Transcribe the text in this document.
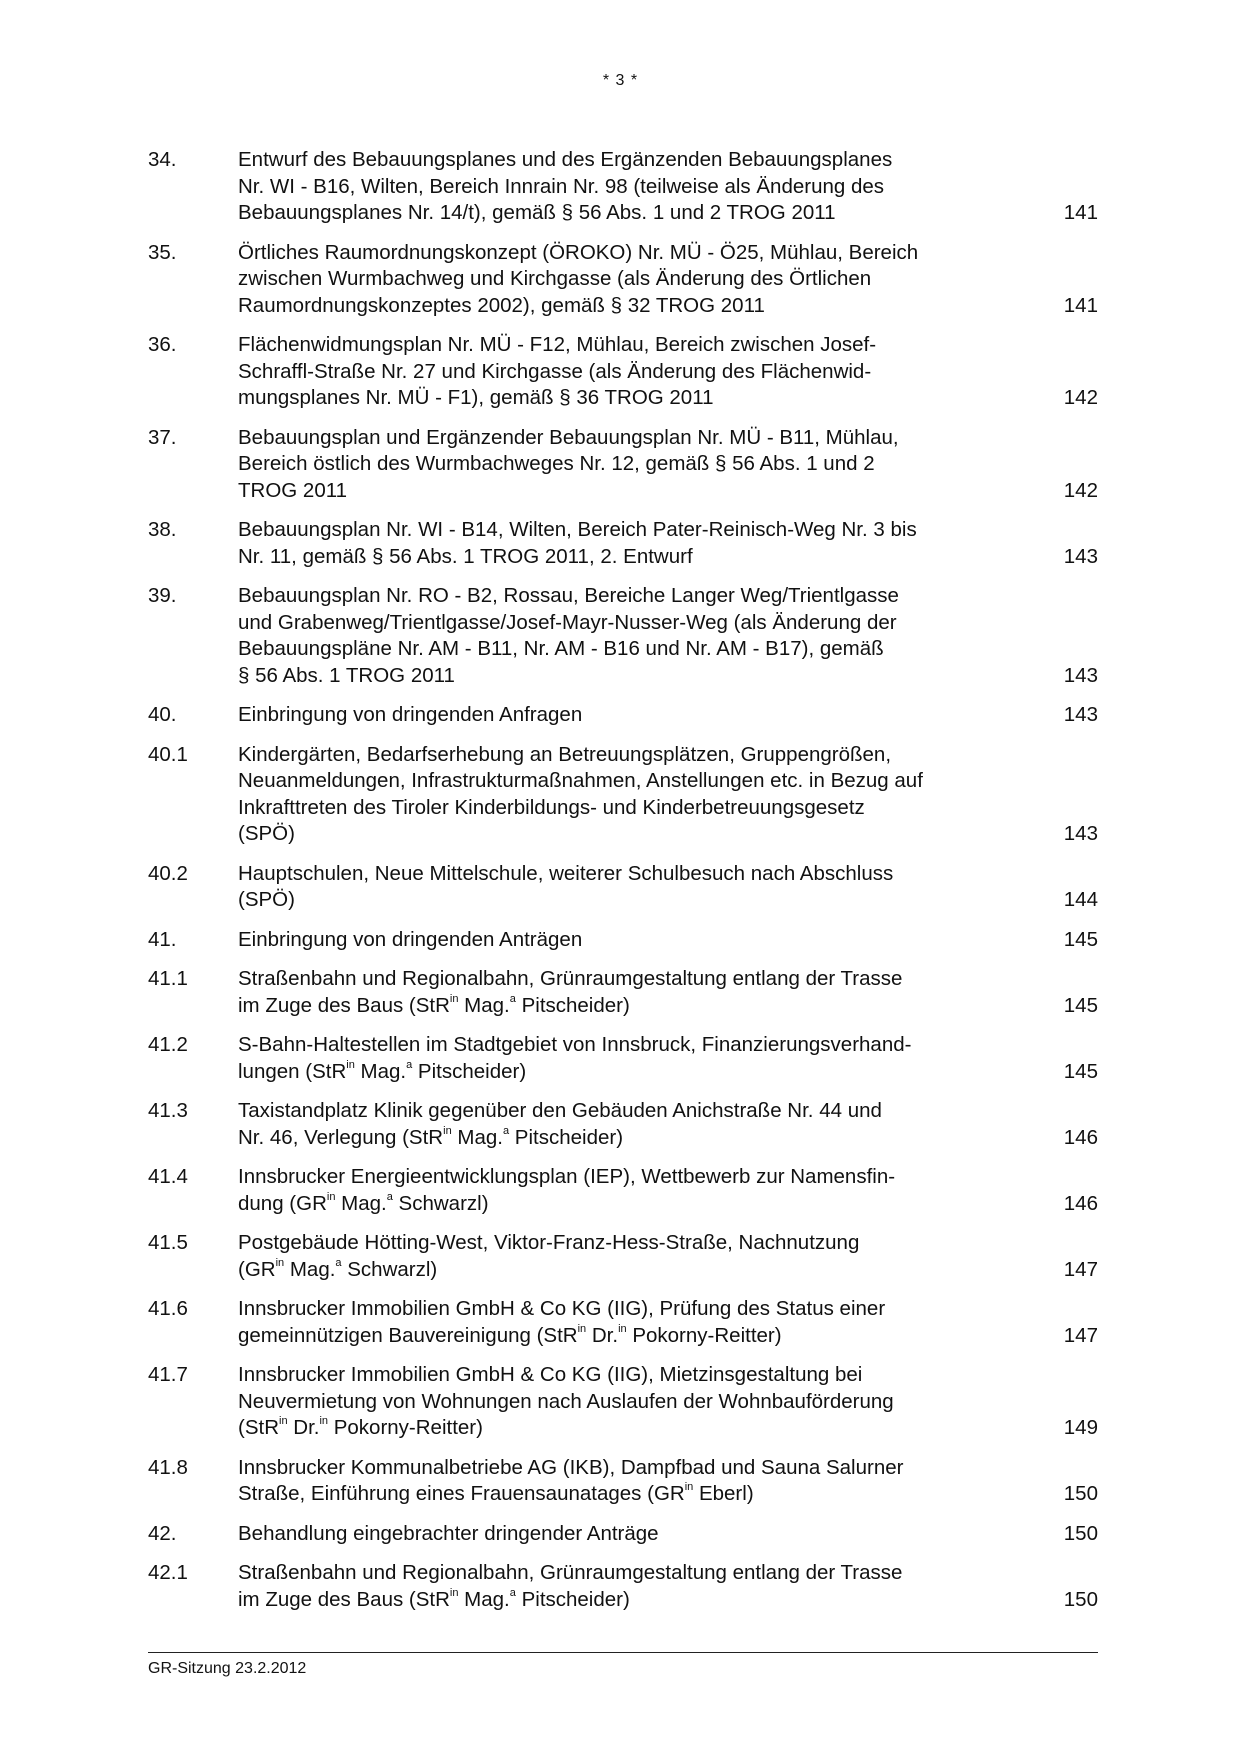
* 3 *
34.	Entwurf des Bebauungsplanes und des Ergänzenden Bebauungsplanes
Nr. WI - B16, Wilten, Bereich Innrain Nr. 98 (teilweise als Änderung des
Bebauungsplanes Nr. 14/t), gemäß § 56 Abs. 1 und 2 TROG 2011	141
35.	Örtliches Raumordnungskonzept (ÖROKO) Nr. MÜ - Ö25, Mühlau, Bereich
zwischen Wurmbachweg und Kirchgasse (als Änderung des Örtlichen
Raumordnungskonzeptes 2002), gemäß § 32 TROG 2011	141
36.	Flächenwidmungsplan Nr. MÜ - F12, Mühlau, Bereich zwischen Josef-
Schraffl-Straße Nr. 27 und Kirchgasse (als Änderung des Flächenwid-
mungsplanes Nr. MÜ - F1), gemäß § 36 TROG 2011	142
37.	Bebauungsplan und Ergänzender Bebauungsplan Nr. MÜ - B11, Mühlau,
Bereich östlich des Wurmbachweges Nr. 12, gemäß § 56 Abs. 1 und 2
TROG 2011	142
38.	Bebauungsplan Nr. WI - B14, Wilten, Bereich Pater-Reinisch-Weg Nr. 3 bis
Nr. 11, gemäß § 56 Abs. 1 TROG 2011, 2. Entwurf	143
39.	Bebauungsplan Nr. RO - B2, Rossau, Bereiche Langer Weg/Trientlgasse
und Grabenweg/Trientlgasse/Josef-Mayr-Nusser-Weg (als Änderung der
Bebauungspläne Nr. AM - B11, Nr. AM - B16 und Nr. AM - B17), gemäß
§ 56 Abs. 1 TROG 2011	143
40.	Einbringung von dringenden Anfragen	143
40.1	Kindergärten, Bedarfserhebung an Betreuungsplätzen, Gruppengrößen,
Neuanmeldungen, Infrastrukturmaßnahmen, Anstellungen etc. in Bezug auf
Inkrafttreten des Tiroler Kinderbildungs- und Kinderbetreuungsgesetz
(SPÖ)	143
40.2	Hauptschulen, Neue Mittelschule, weiterer Schulbesuch nach Abschluss
(SPÖ)	144
41.	Einbringung von dringenden Anträgen	145
41.1	Straßenbahn und Regionalbahn, Grünraumgestaltung entlang der Trasse
im Zuge des Baus (StR$^{in}$ Mag.$^a$ Pitscheider)	145
41.2	S-Bahn-Haltestellen im Stadtgebiet von Innsbruck, Finanzierungsverhand-
lungen (StR$^{in}$ Mag.$^a$ Pitscheider)	145
41.3	Taxistandplatz Klinik gegenüber den Gebäuden Anichstraße Nr. 44 und
Nr. 46, Verlegung (StR$^{in}$ Mag.$^a$ Pitscheider)	146
41.4	Innsbrucker Energieentwicklungsplan (IEP), Wettbewerb zur Namensfin-
dung ($GR^{in}$ Mag.$^a$ Schwarzl)	146
41.5	Postgebäude Hötting-West, Viktor-Franz-Hess-Straße, Nachnutzung
($GR^{in}$ Mag.$^a$ Schwarzl)	147
41.6	Innsbrucker Immobilien GmbH & Co KG (IIG), Prüfung des Status einer
gemeinnützigen Bauvereinigung (StR$^{in}$ Dr.$^{in}$ Pokorny-Reitter)	147
41.7	Innsbrucker Immobilien GmbH & Co KG (IIG), Mietzinsgestaltung bei
Neuvermietung von Wohnungen nach Auslaufen der Wohnbauförderung
(StR$^{in}$ Dr.$^{in}$ Pokorny-Reitter)	149
41.8	Innsbrucker Kommunalbetriebe AG (IKB), Dampfbad und Sauna Salurner
Straße, Einführung eines Frauensaunatages ($GR^{in}$ Eberl)	150
42.	Behandlung eingebrachter dringender Anträge	150
42.1	Straßenbahn und Regionalbahn, Grünraumgestaltung entlang der Trasse
im Zuge des Baus (StR$^{in}$ Mag.$^a$ Pitscheider)	150
GR-Sitzung 23.2.2012
